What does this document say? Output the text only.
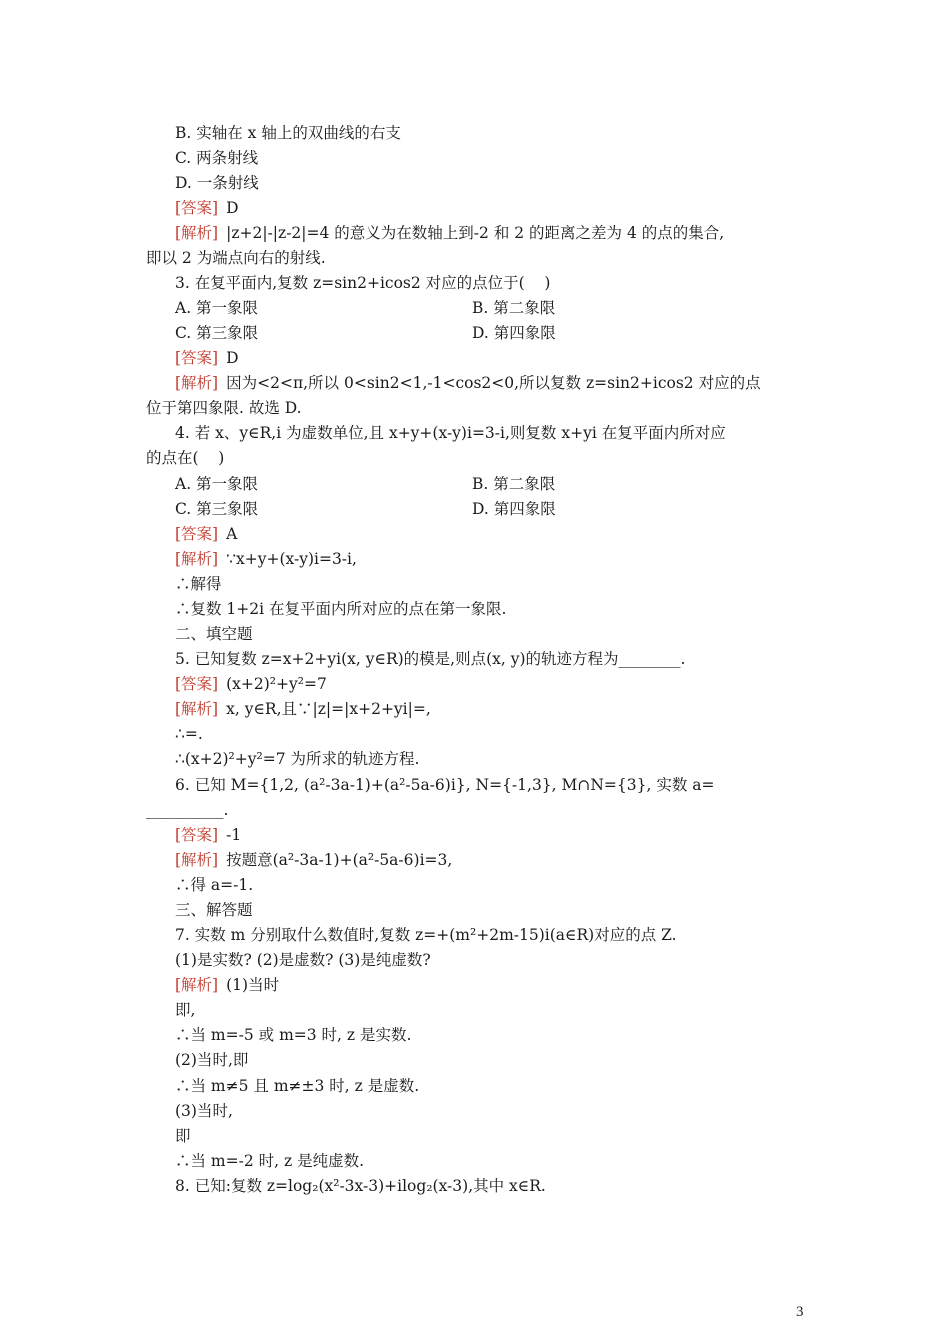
3
B. 实轴在 x 轴上的双曲线的右支
C. 两条射线
D. 一条射线
[答案] D
[解析] |z+2|-|z-2|=4 的意义为在数轴上到-2 和 2 的距离之差为 4 的点的集合,
即以 2 为端点向右的射线.
3. 在复平面内,复数 z=sin2+icos2 对应的点位于(    )
A. 第一象限	B. 第二象限
C. 第三象限	D. 第四象限
[答案] D
[解析] 因为<2<π,所以 0<sin2<1,-1<cos2<0,所以复数 z=sin2+icos2 对应的点
位于第四象限. 故选 D.
4. 若 x、y∈R,i 为虚数单位,且 x+y+(x-y)i=3-i,则复数 x+yi 在复平面内所对应
的点在(    )
A. 第一象限	B. 第二象限
C. 第三象限	D. 第四象限
[答案] A
[解析] ∵x+y+(x-y)i=3-i,
∴解得
∴复数 1+2i 在复平面内所对应的点在第一象限.
二、填空题
5. 已知复数 z=x+2+yi(x, y∈R)的模是,则点(x, y)的轨迹方程为________.
[答案] (x+2)²+y²=7
[解析] x, y∈R,且∵|z|=|x+2+yi|=,
∴=.
∴(x+2)²+y²=7 为所求的轨迹方程.
6. 已知 M={1,2, (a²-3a-1)+(a²-5a-6)i}, N={-1,3}, M∩N={3}, 实数 a=
__________.
[答案] -1
[解析] 按题意(a²-3a-1)+(a²-5a-6)i=3,
∴得 a=-1.
三、解答题
7. 实数 m 分别取什么数值时,复数 z=+(m²+2m-15)i(a∈R)对应的点 Z.
(1)是实数? (2)是虚数? (3)是纯虚数?
[解析] (1)当时
即,
∴当 m=-5 或 m=3 时, z 是实数.
(2)当时,即
∴当 m≠5 且 m≠±3 时, z 是虚数.
(3)当时,
即
∴当 m=-2 时, z 是纯虚数.
8. 已知:复数 z=log₂(x²-3x-3)+ilog₂(x-3),其中 x∈R.
